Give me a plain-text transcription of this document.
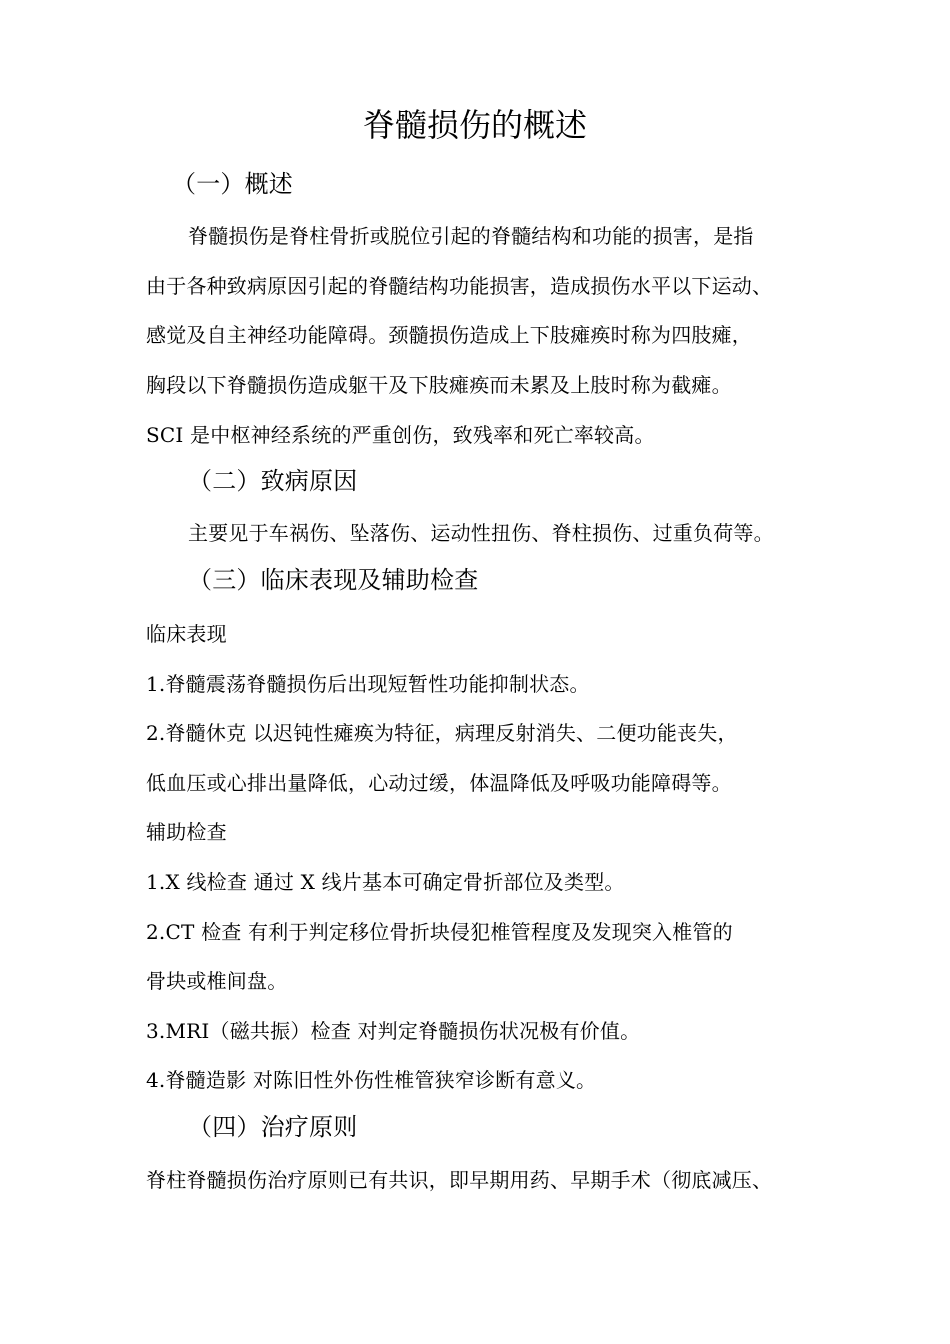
脊髓损伤的概述
（一）概述
脊髓损伤是脊柱骨折或脱位引起的脊髓结构和功能的损害，是指
由于各种致病原因引起的脊髓结构功能损害，造成损伤水平以下运动、
感觉及自主神经功能障碍。颈髓损伤造成上下肢瘫痪时称为四肢瘫，
胸段以下脊髓损伤造成躯干及下肢瘫痪而未累及上肢时称为截瘫。
SCI 是中枢神经系统的严重创伤，致残率和死亡率较高。
（二）致病原因
主要见于车祸伤、坠落伤、运动性扭伤、脊柱损伤、过重负荷等。
（三）临床表现及辅助检查
临床表现
1.脊髓震荡脊髓损伤后出现短暂性功能抑制状态。
2.脊髓休克 以迟钝性瘫痪为特征，病理反射消失、二便功能丧失，
低血压或心排出量降低，心动过缓，体温降低及呼吸功能障碍等。
辅助检查
1.X 线检查 通过 X 线片基本可确定骨折部位及类型。
2.CT 检查 有利于判定移位骨折块侵犯椎管程度及发现突入椎管的
骨块或椎间盘。
3.MRI（磁共振）检查 对判定脊髓损伤状况极有价值。
4.脊髓造影 对陈旧性外伤性椎管狭窄诊断有意义。
（四）治疗原则
脊柱脊髓损伤治疗原则已有共识，即早期用药、早期手术（彻底减压、
